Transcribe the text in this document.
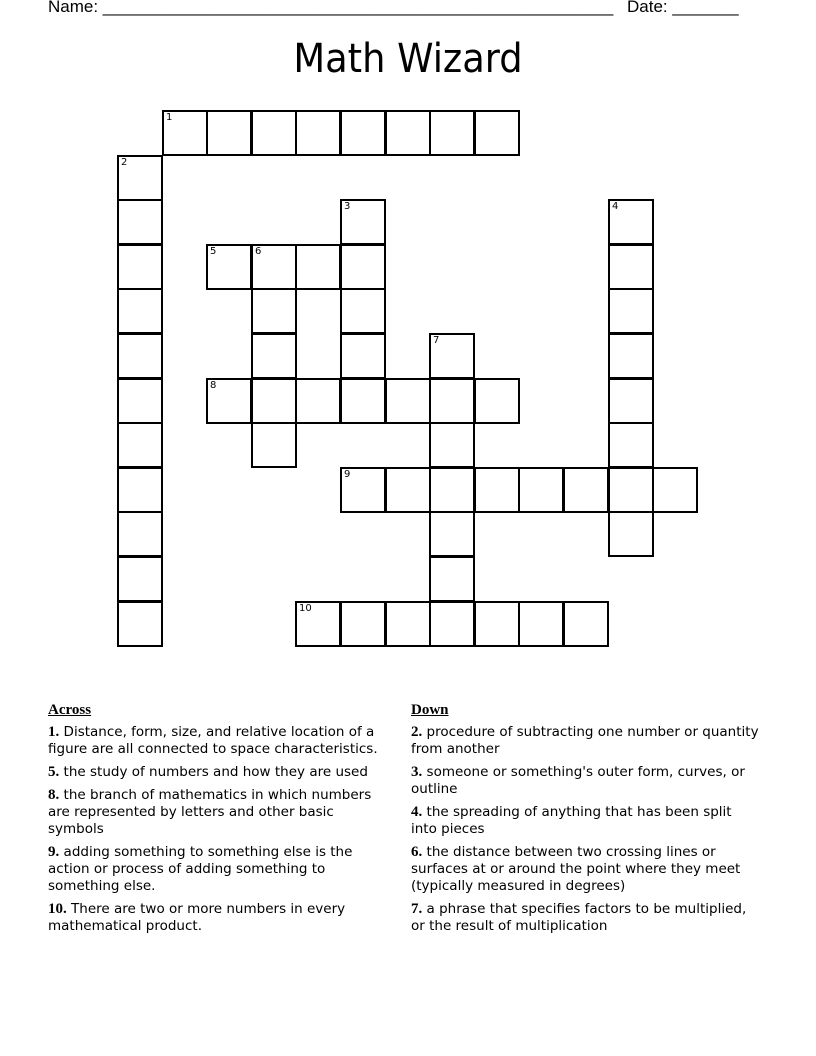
Name: ______________________________________________________ Date: _______
Math Wizard
1
2
3	4
5	6
7
8
9
10
Across
1. Distance, form, size, and relative location of a figure are all connected to space characteristics.
5. the study of numbers and how they are used
8. the branch of mathematics in which numbers are represented by letters and other basic symbols
9. adding something to something else is the action or process of adding something to something else.
10. There are two or more numbers in every mathematical product.
Down
2. procedure of subtracting one number or quantity from another
3. someone or something's outer form, curves, or outline
4. the spreading of anything that has been split into pieces
6. the distance between two crossing lines or surfaces at or around the point where they meet (typically measured in degrees)
7. a phrase that specifies factors to be multiplied, or the result of multiplication
